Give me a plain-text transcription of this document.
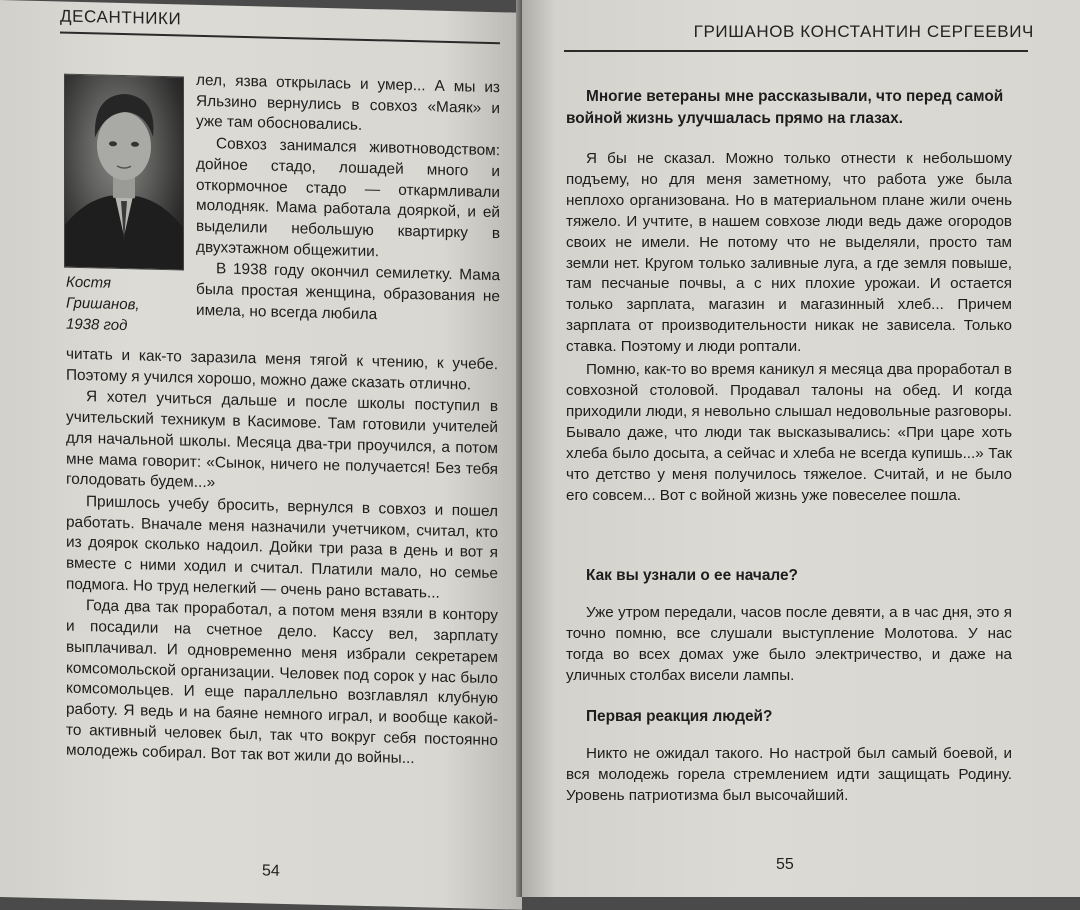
ДЕСАНТНИКИ
Костя
Гришанов,
1938 год

лел, язва открылась и умер... А мы из Яльзино вернулись в совхоз «Маяк» и уже там обосновались.

Совхоз занимался животноводством: дойное стадо, лошадей много и откормочное стадо — откармливали молодняк. Мама работала дояркой, и ей выделили небольшую квартирку в двухэтажном общежитии.

В 1938 году окончил семилетку. Мама была простая женщина, образования не имела, но всегда любила

читать и как-то заразила меня тягой к чтению, к учебе. Поэтому я учился хорошо, можно даже сказать отлично.

Я хотел учиться дальше и после школы поступил в учительский техникум в Касимове. Там готовили учителей для начальной школы. Месяца два-три проучился, а потом мне мама говорит: «Сынок, ничего не получается! Без тебя голодовать будем...»

Пришлось учебу бросить, вернулся в совхоз и пошел работать. Вначале меня назначили учетчиком, считал, кто из доярок сколько надоил. Дойки три раза в день и вот я вместе с ними ходил и считал. Платили мало, но семье подмога. Но труд нелегкий — очень рано вставать...

Года два так проработал, а потом меня взяли в контору и посадили на счетное дело. Кассу вел, зарплату выплачивал. И одновременно меня избрали секретарем комсомольской организации. Человек под сорок у нас было комсомольцев. И еще параллельно возглавлял клубную работу. Я ведь и на баяне немного играл, и вообще какой-то активный человек был, так что вокруг себя постоянно молодежь собирал. Вот так вот жили до войны...

54
ГРИШАНОВ КОНСТАНТИН СЕРГЕЕВИЧ

Многие ветераны мне рассказывали, что перед самой войной жизнь улучшалась прямо на глазах.

Я бы не сказал. Можно только отнести к небольшому подъему, но для меня заметному, что работа уже была неплохо организована. Но в материальном плане жили очень тяжело. И учтите, в нашем совхозе люди ведь даже огородов своих не имели. Не потому что не выделяли, просто там земли нет. Кругом только заливные луга, а где земля повыше, там песчаные почвы, а с них плохие урожаи. И остается только зарплата, магазин и магазинный хлеб... Причем зарплата от производительности никак не зависела. Только ставка. Поэтому и люди роптали.

Помню, как-то во время каникул я месяца два проработал в совхозной столовой. Продавал талоны на обед. И когда приходили люди, я невольно слышал недовольные разговоры. Бывало даже, что люди так высказывались: «При царе хоть хлеба было досыта, а сейчас и хлеба не всегда купишь...» Так что детство у меня получилось тяжелое. Считай, и не было его совсем... Вот с войной жизнь уже повеселее пошла.

Как вы узнали о ее начале?

Уже утром передали, часов после девяти, а в час дня, это я точно помню, все слушали выступление Молотова. У нас тогда во всех домах уже было электричество, и даже на уличных столбах висели лампы.

Первая реакция людей?

Никто не ожидал такого. Но настрой был самый боевой, и вся молодежь горела стремлением идти защищать Родину. Уровень патриотизма был высочайший.

55
